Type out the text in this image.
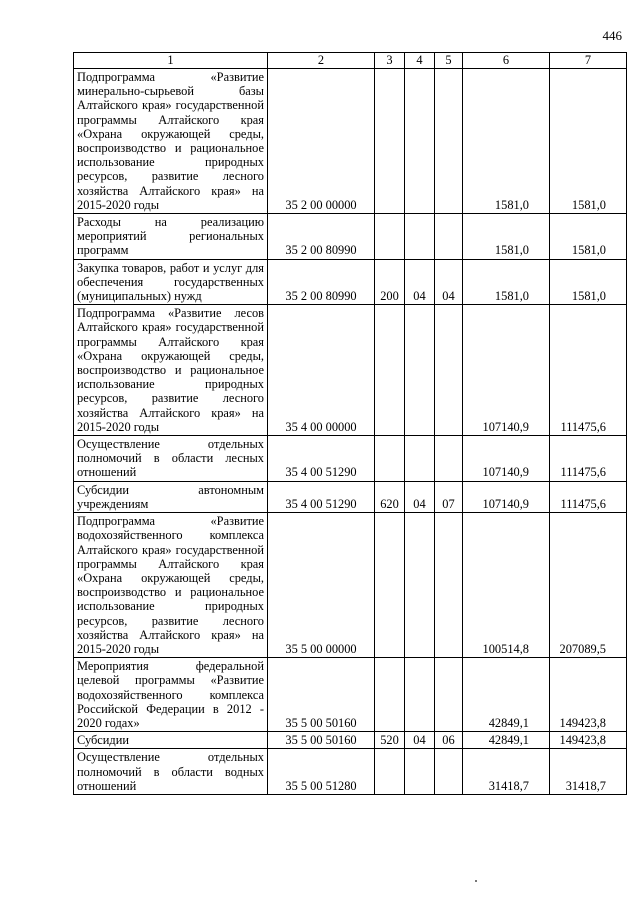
446
1	2	3	4	5	6	7
Подпрограмма «Развитие минерально-сырьевой базы Алтайского края» государственной программы Алтайского края «Охрана окружающей среды, воспроизводство и рациональное использование природных ресурсов, развитие лесного хозяйства Алтайского края» на 2015-2020 годы	35 2 00 00000				1581,0	1581,0
Расходы на реализацию мероприятий региональных программ	35 2 00 80990				1581,0	1581,0
Закупка товаров, работ и услуг для обеспечения государственных (муниципальных) нужд	35 2 00 80990	200	04	04	1581,0	1581,0
Подпрограмма «Развитие лесов Алтайского края» государственной программы Алтайского края «Охрана окружающей среды, воспроизводство и рациональное использование природных ресурсов, развитие лесного хозяйства Алтайского края» на 2015-2020 годы	35 4 00 00000				107140,9	111475,6
Осуществление отдельных полномочий в области лесных отношений	35 4 00 51290				107140,9	111475,6
Субсидии автономным учреждениям	35 4 00 51290	620	04	07	107140,9	111475,6
Подпрограмма «Развитие водохозяйственного комплекса Алтайского края» государственной программы Алтайского края «Охрана окружающей среды, воспроизводство и рациональное использование природных ресурсов, развитие лесного хозяйства Алтайского края» на 2015-2020 годы	35 5 00 00000				100514,8	207089,5
Мероприятия федеральной целевой программы «Развитие водохозяйственного комплекса Российской Федерации в 2012 - 2020 годах»	35 5 00 50160				42849,1	149423,8
Субсидии	35 5 00 50160	520	04	06	42849,1	149423,8
Осуществление отдельных полномочий в области водных отношений	35 5 00 51280				31418,7	31418,7
